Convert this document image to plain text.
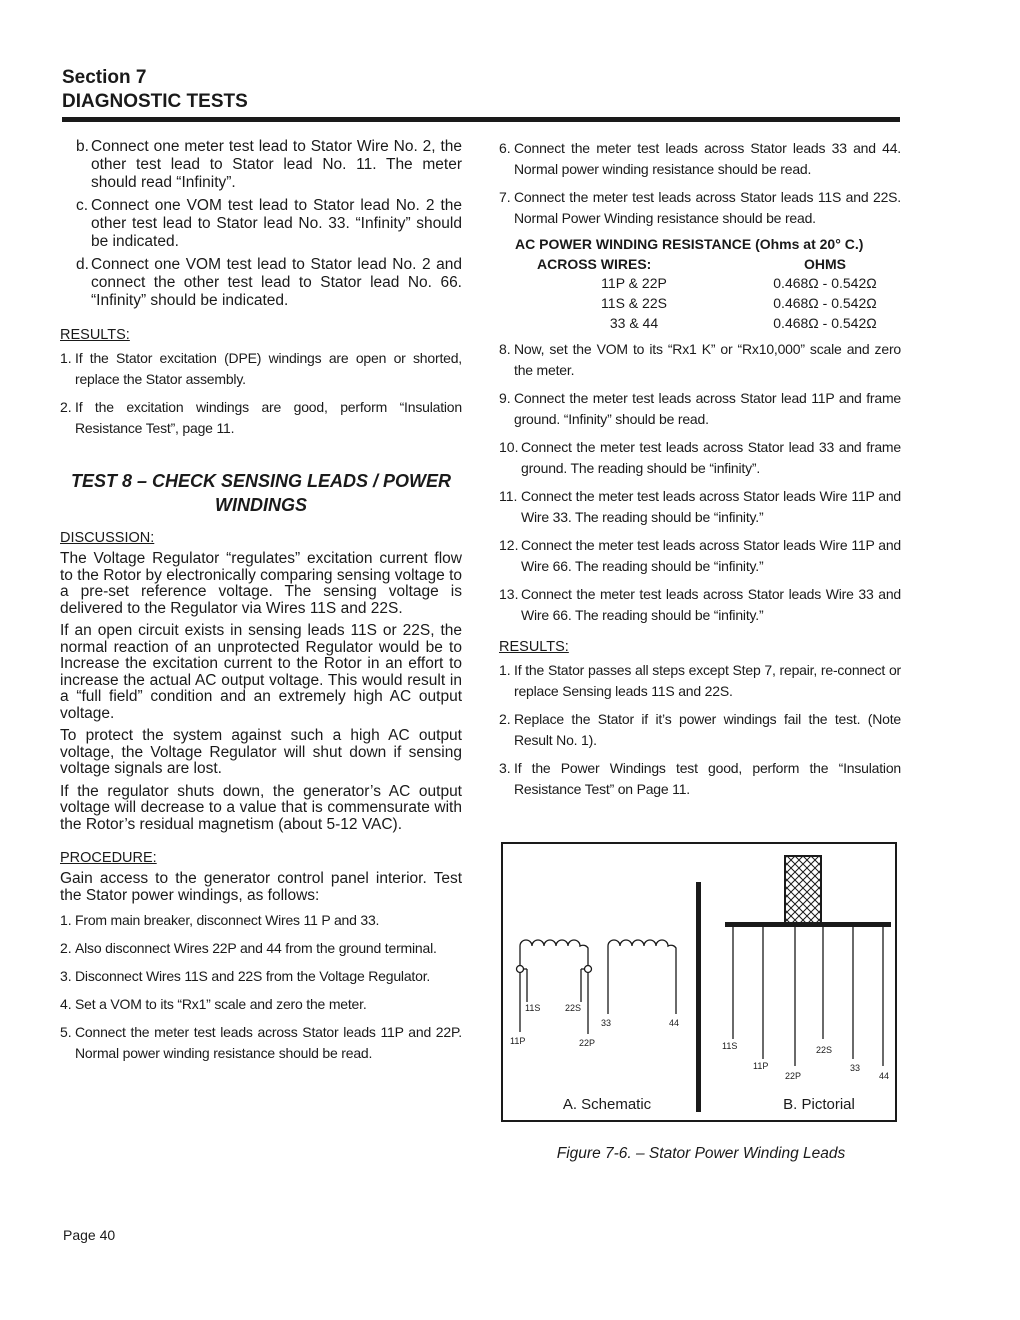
Section 7
DIAGNOSTIC TESTS
b. Connect one meter test lead to Stator Wire No. 2, the other test lead to Stator lead No. 11. The meter should read “Infinity”.
c. Connect one VOM test lead to Stator lead No. 2 the other test lead to Stator lead No. 33. “Infinity” should be indicated.
d. Connect one VOM test lead to Stator lead No. 2 and connect the other test lead to Stator lead No. 66. “Infinity” should be indicated.
RESULTS:
1. If the Stator excitation (DPE) windings are open or shorted, replace the Stator assembly.
2. If the excitation windings are good, perform “Insulation Resistance Test”, page 11.
TEST 8 – CHECK SENSING LEADS / POWER
WINDINGS
DISCUSSION:
The Voltage Regulator “regulates” excitation current flow to the Rotor by electronically comparing sensing voltage to a pre-set reference voltage. The sensing voltage is delivered to the Regulator via Wires 11S and 22S.
If an open circuit exists in sensing leads 11S or 22S, the normal reaction of an unprotected Regulator would be to Increase the excitation current to the Rotor in an effort to increase the actual AC output voltage. This would result in a “full field” condition and an extremely high AC output voltage.
To protect the system against such a high AC output voltage, the Voltage Regulator will shut down if sensing voltage signals are lost.
If the regulator shuts down, the generator’s AC output voltage will decrease to a value that is commensurate with the Rotor’s residual magnetism (about 5-12 VAC).
PROCEDURE:
Gain access to the generator control panel interior. Test the Stator power windings, as follows:
1. From main breaker, disconnect Wires 11 P and 33.
2. Also disconnect Wires 22P and 44 from the ground terminal.
3. Disconnect Wires 11S and 22S from the Voltage Regulator.
4. Set a VOM to its “Rx1” scale and zero the meter.
5. Connect the meter test leads across Stator leads 11P and 22P. Normal power winding resistance should be read.
6. Connect the meter test leads across Stator leads 33 and 44. Normal power winding resistance should be read.
7. Connect the meter test leads across Stator leads 11S and 22S. Normal Power Winding resistance should be read.
AC POWER WINDING RESISTANCE (Ohms at 20° C.)
ACROSS WIRES:	OHMS
11P & 22P	0.468Ω - 0.542Ω
11S & 22S	0.468Ω - 0.542Ω
33 & 44	0.468Ω - 0.542Ω
8. Now, set the VOM to its “Rx1 K” or “Rx10,000” scale and zero the meter.
9. Connect the meter test leads across Stator lead 11P and frame ground. “Infinity” should be read.
10. Connect the meter test leads across Stator lead 33 and frame ground. The reading should be “infinity”.
11. Connect the meter test leads across Stator leads Wire 11P and Wire 33. The reading should be “infinity.”
12. Connect the meter test leads across Stator leads Wire 11P and Wire 66. The reading should be “infinity.”
13. Connect the meter test leads across Stator leads Wire 33 and Wire 66. The reading should be “infinity.”
RESULTS:
1. If the Stator passes all steps except Step 7, repair, re-connect or replace Sensing leads 11S and 22S.
2. Replace the Stator if it’s power windings fail the test. (Note Result No. 1).
3. If the Power Windings test good, perform the “Insulation Resistance Test” on Page 11.
11S	22S
33	44
11P	22P
A. Schematic
11S
11P
22P
22S
33
44
B. Pictorial
Figure 7-6. – Stator Power Winding Leads
Page 40
